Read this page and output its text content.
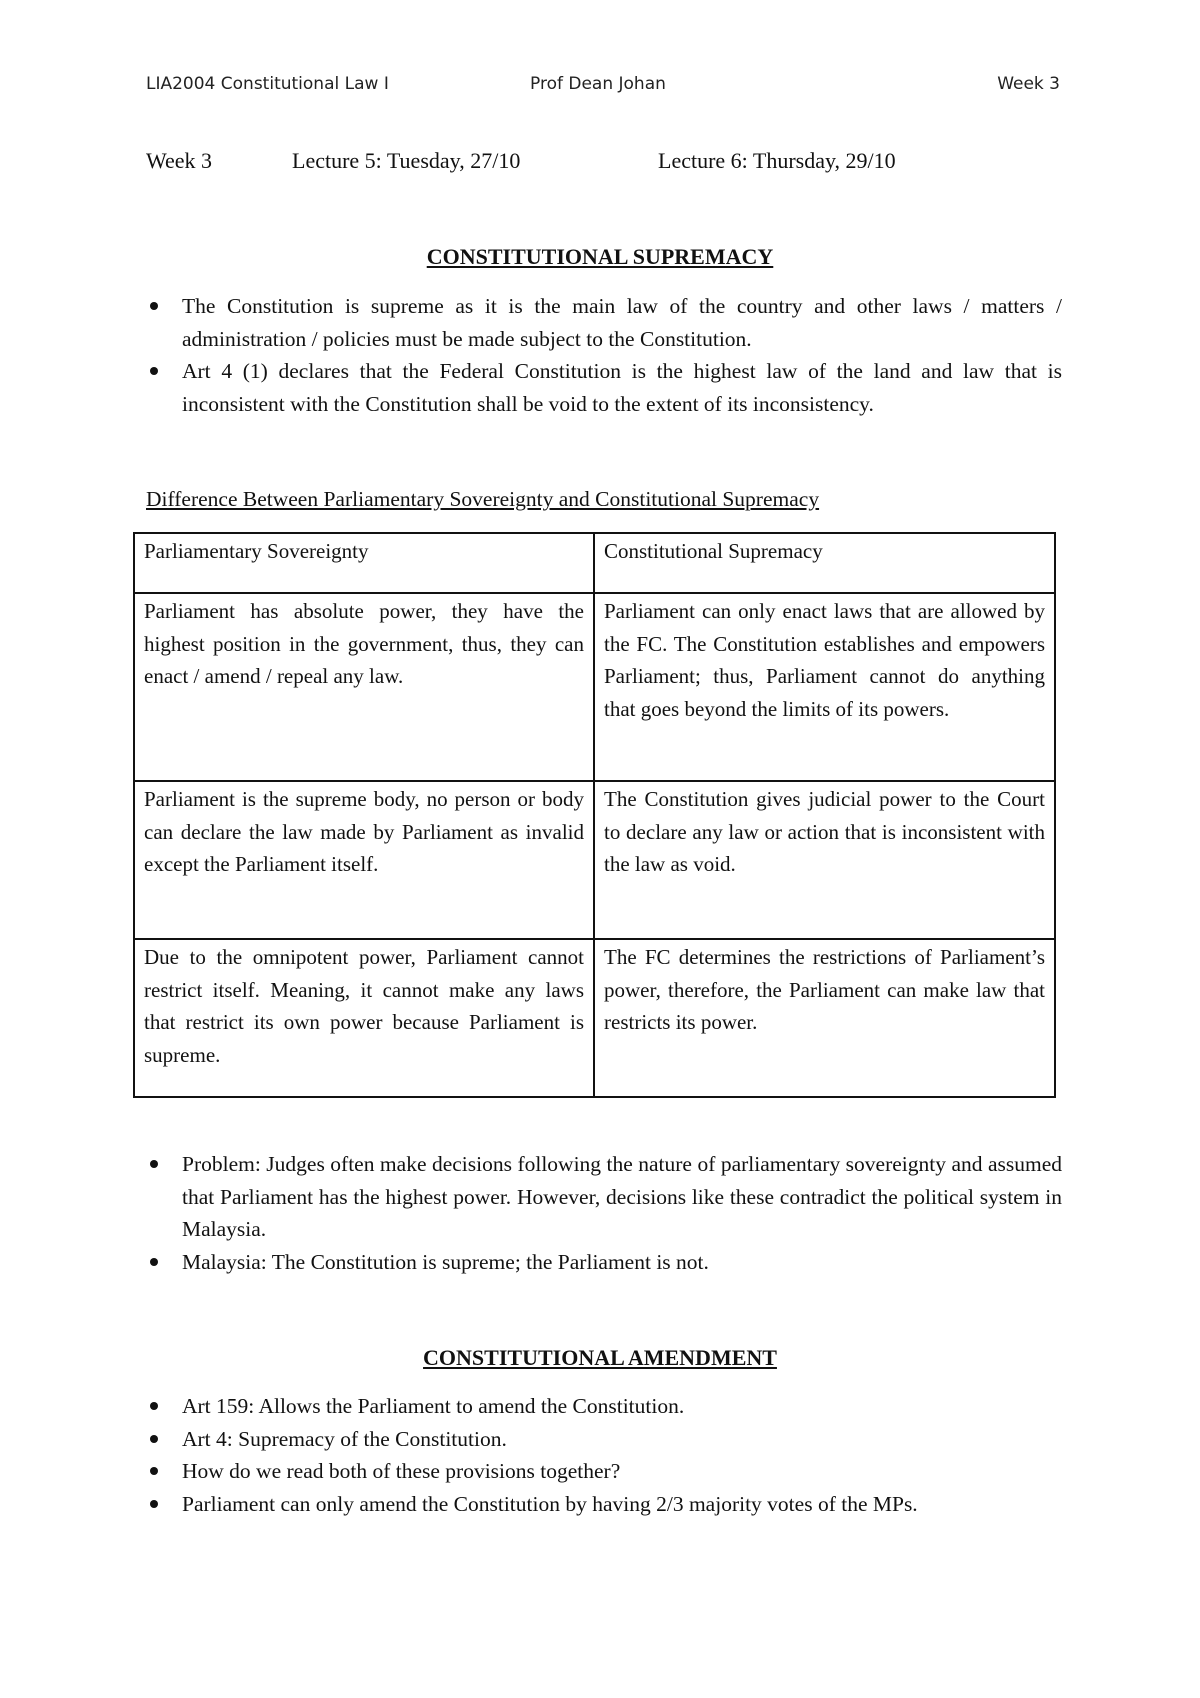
LIA2004 Constitutional Law I	Prof Dean Johan	Week 3
Week 3	Lecture 5: Tuesday, 27/10	Lecture 6: Thursday, 29/10
CONSTITUTIONAL SUPREMACY
The Constitution is supreme as it is the main law of the country and other laws / matters / administration / policies must be made subject to the Constitution.
Art 4 (1) declares that the Federal Constitution is the highest law of the land and law that is inconsistent with the Constitution shall be void to the extent of its inconsistency.
Difference Between Parliamentary Sovereignty and Constitutional Supremacy
Parliamentary Sovereignty	Constitutional Supremacy
Parliament has absolute power, they have the highest position in the government, thus, they can enact / amend / repeal any law.	Parliament can only enact laws that are allowed by the FC. The Constitution establishes and empowers Parliament; thus, Parliament cannot do anything that goes beyond the limits of its powers.
Parliament is the supreme body, no person or body can declare the law made by Parliament as invalid except the Parliament itself.	The Constitution gives judicial power to the Court to declare any law or action that is inconsistent with the law as void.
Due to the omnipotent power, Parliament cannot restrict itself. Meaning, it cannot make any laws that restrict its own power because Parliament is supreme.	The FC determines the restrictions of Parliament’s power, therefore, the Parliament can make law that restricts its power.
Problem: Judges often make decisions following the nature of parliamentary sovereignty and assumed that Parliament has the highest power. However, decisions like these contradict the political system in Malaysia.
Malaysia: The Constitution is supreme; the Parliament is not.
CONSTITUTIONAL AMENDMENT
Art 159: Allows the Parliament to amend the Constitution.
Art 4: Supremacy of the Constitution.
How do we read both of these provisions together?
Parliament can only amend the Constitution by having 2/3 majority votes of the MPs.
